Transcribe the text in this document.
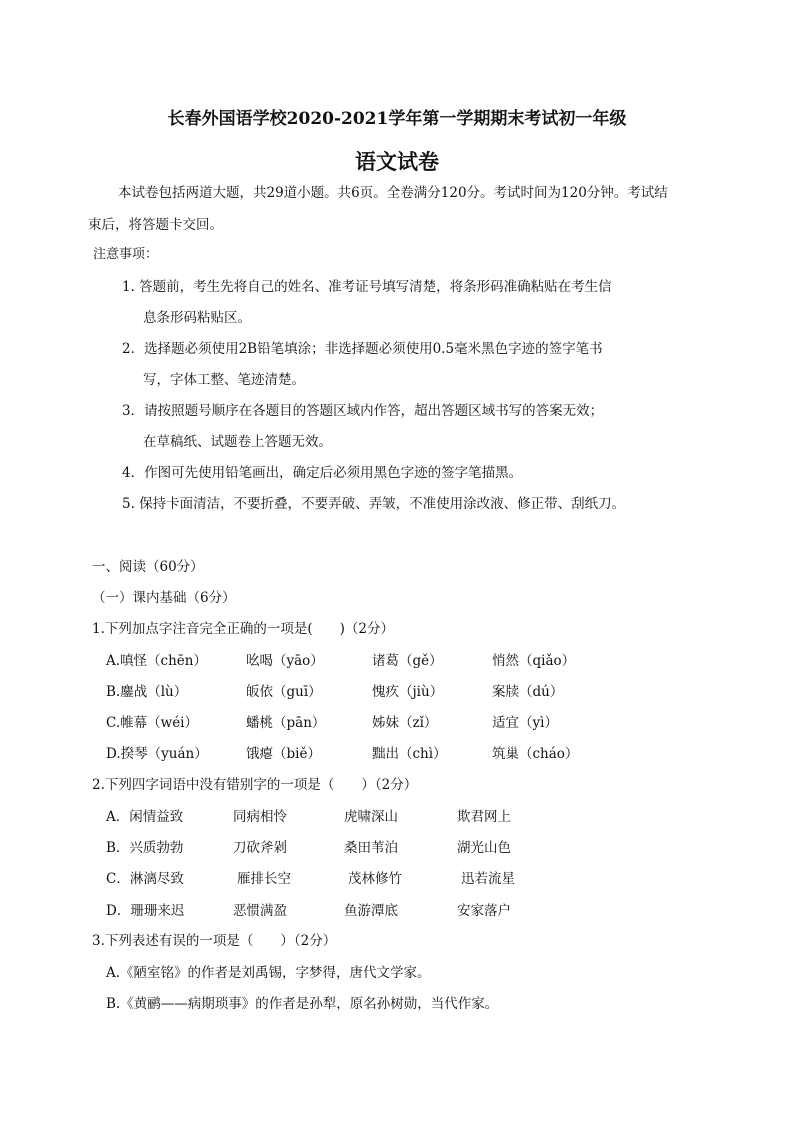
长春外国语学校2020-2021学年第一学期期末考试初一年级
语文试卷
本试卷包括两道大题，共29道小题。共6页。全卷满分120分。考试时间为120分钟。考试结
束后，将答题卡交回。
注意事项：
1. 答题前，考生先将自己的姓名、准考证号填写清楚，将条形码准确粘贴在考生信
息条形码粘贴区。
2．选择题必须使用2B铅笔填涂；非选择题必须使用0.5毫米黑色字迹的签字笔书
写，字体工整、笔迹清楚。
3．请按照题号顺序在各题目的答题区域内作答，超出答题区域书写的答案无效；
在草稿纸、试题卷上答题无效。
4．作图可先使用铅笔画出，确定后必须用黑色字迹的签字笔描黑。
5. 保持卡面清洁，不要折叠，不要弄破、弄皱，不准使用涂改液、修正带、刮纸刀。
一、阅读（60分）
（一）课内基础（6分）
1.下列加点字注音完全正确的一项是(　　)（2分）
A.嗔怪（chēn）	吆喝（yāo）	诸葛（gě）	悄然（qiǎo）
B.鏖战（lù）	皈依（guī）	愧疚（jiù）	案牍（dú）
C.帷幕（wéi）	蟠桃（pān）	姊妹（zǐ）	适宜（yì）
D.揆琴（yuán）	饿瘪（biě）	黜出（chì）	筑巢（cháo）
2.下列四字词语中没有错别字的一项是（　　）（2分）
A．闲情益致	同病相怜	虎啸深山	欺君网上
B．兴质勃勃	刀砍斧剁	桑田苇泊	湖光山色
C．淋漓尽致	雁排长空	茂林修竹	迅若流星
D．珊珊来迟	恶惯满盈	鱼游潭底	安家落户
3.下列表述有误的一项是（　　）（2分）
A.《陋室铭》的作者是刘禹锡，字梦得，唐代文学家。
B.《黄鹂——病期琐事》的作者是孙犁，原名孙树勋，当代作家。
